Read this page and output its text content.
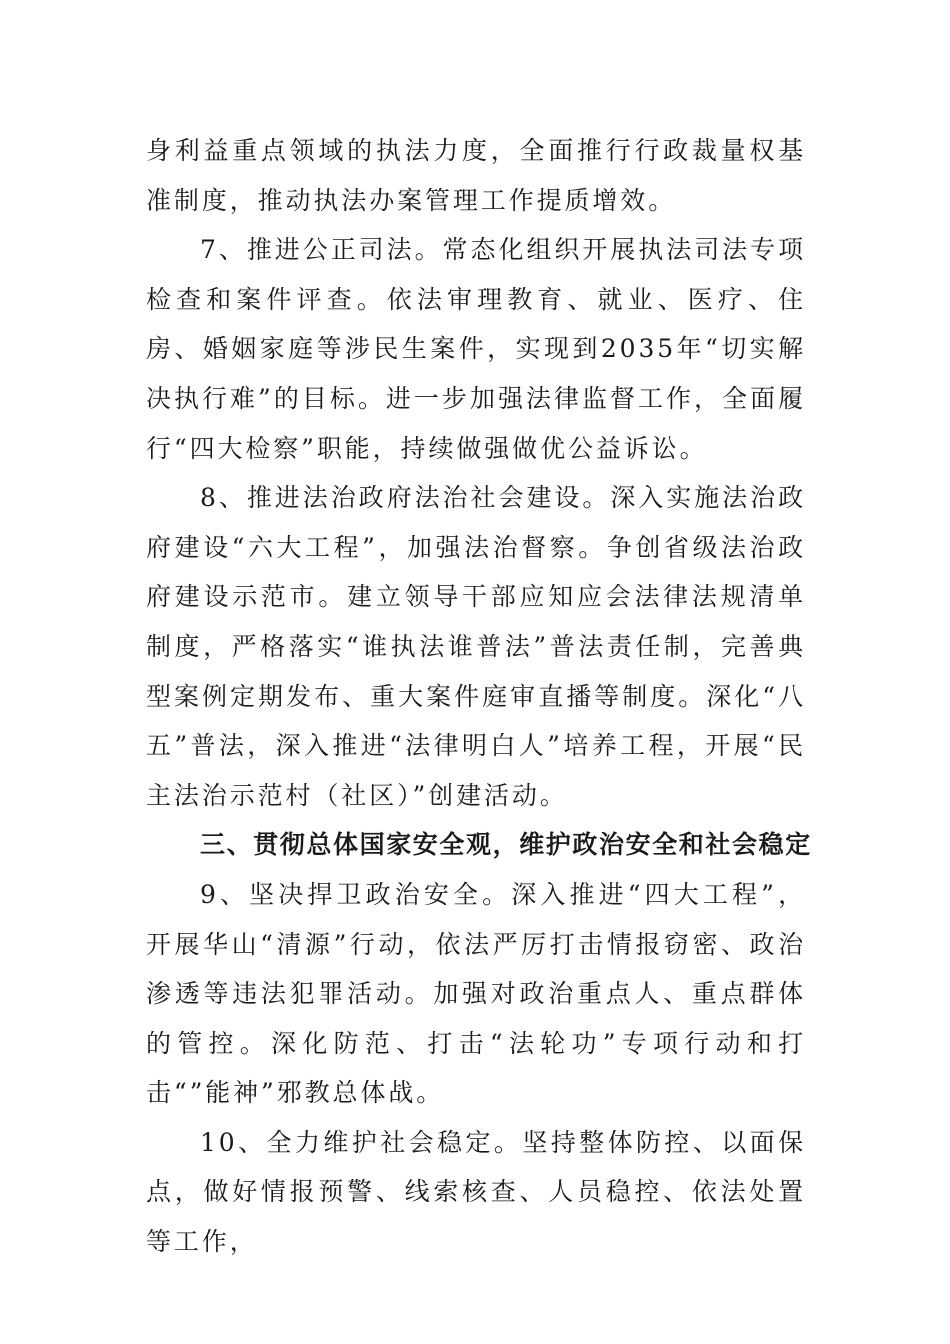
身利益重点领域的执法力度，全面推行行政裁量权基准制度，推动执法办案管理工作提质增效。

7、推进公正司法。常态化组织开展执法司法专项检查和案件评查。依法审理教育、就业、医疗、住房、婚姻家庭等涉民生案件，实现到2035年“切实解决执行难”的目标。进一步加强法律监督工作，全面履行“四大检察”职能，持续做强做优公益诉讼。

8、推进法治政府法治社会建设。深入实施法治政府建设“六大工程”，加强法治督察。争创省级法治政府建设示范市。建立领导干部应知应会法律法规清单制度，严格落实“谁执法谁普法”普法责任制，完善典型案例定期发布、重大案件庭审直播等制度。深化“八五”普法，深入推进“法律明白人”培养工程，开展“民主法治示范村（社区）”创建活动。

三、贯彻总体国家安全观，维护政治安全和社会稳定

9、坚决捍卫政治安全。深入推进“四大工程”，开展华山“清源”行动，依法严厉打击情报窃密、政治渗透等违法犯罪活动。加强对政治重点人、重点群体的管控。深化防范、打击“法轮功”专项行动和打击“”能神”邪教总体战。

10、全力维护社会稳定。坚持整体防控、以面保点，做好情报预警、线索核查、人员稳控、依法处置等工作，
